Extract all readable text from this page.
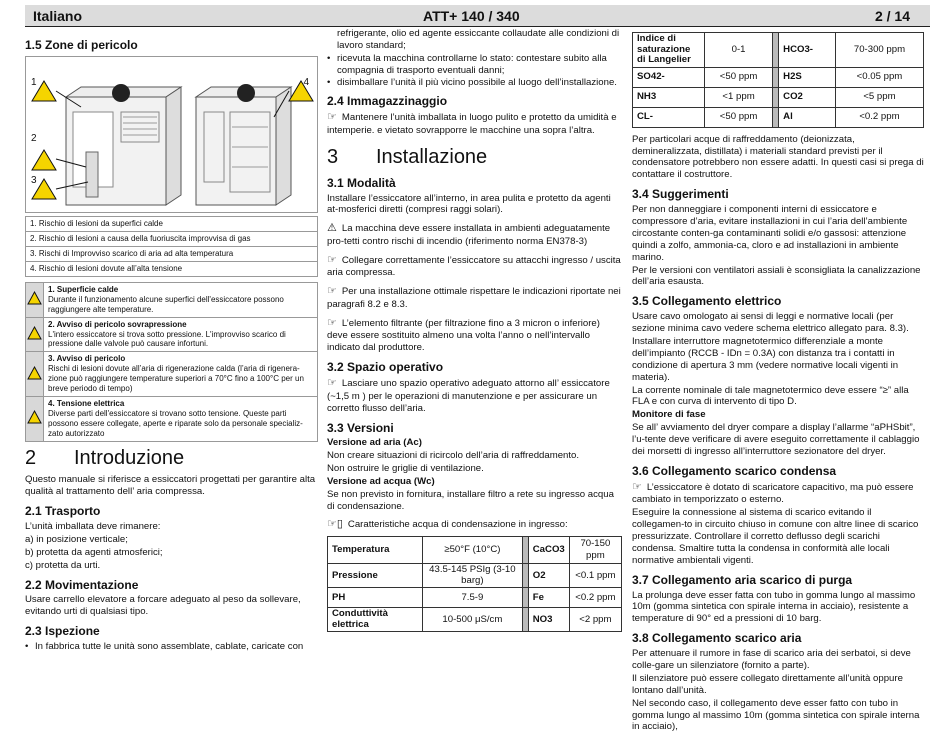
Italiano	ATT+ 140 / 340	2 / 14
1.5 Zone di pericolo
1
2
3
4
1. Rischio di lesioni da superfici calde
2. Rischio di lesioni a causa della fuoriuscita improvvisa di gas
3. Rischi di Improvviso scarico di aria ad alta temperatura
4. Rischio di lesioni dovute all’alta tensione

1. Superficie calde
Durante il funzionamento alcune superfici dell'essiccatore possono raggiungere alte temperature.

2. Avviso di pericolo sovrapressione
L'intero essiccatore si trova sotto pressione. L'improvviso scarico di pressione dalle valvole può causare infortuni.

3. Avviso di pericolo
Rischi di lesioni dovute all’aria di rigenerazione calda (l’aria di rigenera-zione può raggiungere temperature superiori a 70°C fino a 100°C per un breve periodo di tempo)

4. Tensione elettrica
Diverse parti dell'essiccatore si trovano sotto tensione. Queste parti possono essere collegate, aperte e riparate solo da personale specializ-zato autorizzato
2 Introduzione

Questo manuale si riferisce a essiccatori progettati per garantire alta qualità al trattamento dell’ aria compressa.

2.1 Trasporto

L’unità imballata deve rimanere:

a) in posizione verticale;

b) protetta da agenti atmosferici;

c) protetta da urti.

2.2 Movimentazione

Usare carrello elevatore a forcare adeguato al peso da sollevare, evitando urti di qualsiasi tipo.

2.3 Ispezione
• In fabbrica tutte le unità sono assemblate, cablate, caricate con

refrigerante, olio ed agente essiccante collaudate alle condizioni di lavoro standard;

• ricevuta la macchina controllarne lo stato: contestare subito alla compagnia di trasporto eventuali danni;
• disimballare l’unità il più vicino possibile al luogo dell’installazione.
2.4 Immagazzinaggio

☞ Mantenere l’unità imballata in luogo pulito e protetto da umidità e intemperie. e vietato sovrapporre le macchine una sopra l’altra.

3 Installazione
3.1 Modalità

Installare l’essiccatore all’interno, in area pulita e protetto da agenti at-mosferici diretti (compresi raggi solari).

⚠ La macchina deve essere installata in ambienti adeguatamente pro-tetti contro rischi di incendio (riferimento norma EN378-3)

☞ Collegare correttamente l’essiccatore su attacchi ingresso / uscita aria compressa.

☞ Per una installazione ottimale rispettare le indicazioni riportate nei paragrafi 8.2 e 8.3.

☞ L’elemento filtrante (per filtrazione fino a 3 micron o inferiore) deve essere sostituito almeno una volta l’anno o nell’intervallo indicato dal produttore.

3.2 Spazio operativo

☞ Lasciare uno spazio operativo adeguato attorno all’ essiccatore (~1,5 m ) per le operazioni di manutenzione e per assicurare un corretto flusso dell’aria.

3.3 Versioni

Versione ad aria (Ac)

Non creare situazioni di ricircolo dell’aria di raffreddamento.

Non ostruire le griglie di ventilazione.

Versione ad acqua (Wc)

Se non previsto in fornitura, installare filtro a rete su ingresso acqua di condensazione.

☞▯ Caratteristiche acqua di condensazione in ingresso:

Temperatura	≥50°F (10°C)		CaCO3	70-150 ppm
Pressione	43.5-145 PSIg (3-10 barg)		O2	<0.1 ppm
PH	7.5-9		Fe	<0.2 ppm
Conduttività elettrica	10-500 μS/cm		NO3	<2 ppm
Indice di saturazione di Langelier	0-1		HCO3-	70-300 ppm
SO42-	<50 ppm		H2S	<0.05 ppm
NH3	<1 ppm		CO2	<5 ppm
CL-	<50 ppm		Al	<0.2 ppm

Per particolari acque di raffreddamento (deionizzata, demineralizzata, distillata) i materiali standard previsti per il condensatore potrebbero non essere adatti. In questi casi si prega di contattare il costruttore.

3.4 Suggerimenti

Per non danneggiare i componenti interni di essiccatore e compressore d’aria, evitare installazioni in cui l’aria dell’ambiente circostante conten-ga contaminanti solidi e/o gassosi: attenzione quindi a zolfo, ammonia-ca, cloro e ad installazioni in ambiente marino.

Per le versioni con ventilatori assiali è sconsigliata la canalizzazione dell’aria esausta.

3.5 Collegamento elettrico

Usare cavo omologato ai sensi di leggi e normative locali (per sezione minima cavo vedere schema elettrico allegato para. 8.3).

Installare interruttore magnetotermico differenziale a monte dell’impianto (RCCB - IDn = 0.3A) con distanza tra i contatti in condizione di apertura 3 mm (vedere normative locali vigenti in materia).

La corrente nominale di tale magnetotermico deve essere “≥” alla FLA e con curva di intervento di tipo D.

Monitore di fase

Se all’ avviamento del dryer compare a display l’allarme “aPHSbit”, l’u-tente deve verificare di avere eseguito correttamente il cablaggio dei morsetti di ingresso all’interruttore sezionatore del dryer.

3.6 Collegamento scarico condensa

☞ L’essiccatore è dotato di scaricatore capacitivo, ma può essere cambiato in temporizzato o esterno.

Eseguire la connessione al sistema di scarico evitando il collegamen-to in circuito chiuso in comune con altre linee di scarico pressurizzate. Controllare il corretto deflusso degli scarichi condensa. Smaltire tutta la condensa in conformità alle locali normative ambientali vigenti.

3.7 Collegamento aria scarico di purga

La prolunga deve esser fatta con tubo in gomma lungo al massimo 10m (gomma sintetica con spirale interna in acciaio), resistente a temperature di 90° ed a pressioni di 10 barg.

3.8 Collegamento scarico aria

Per attenuare il rumore in fase di scarico aria dei serbatoi, si deve colle-gare un silenziatore (fornito a parte).

Il silenziatore può essere collegato direttamente all’unità oppure lontano dall’unità.

Nel secondo caso, il collegamento deve esser fatto con tubo in gomma lungo al massimo 10m (gomma sintetica con spirale interna in acciaio),
